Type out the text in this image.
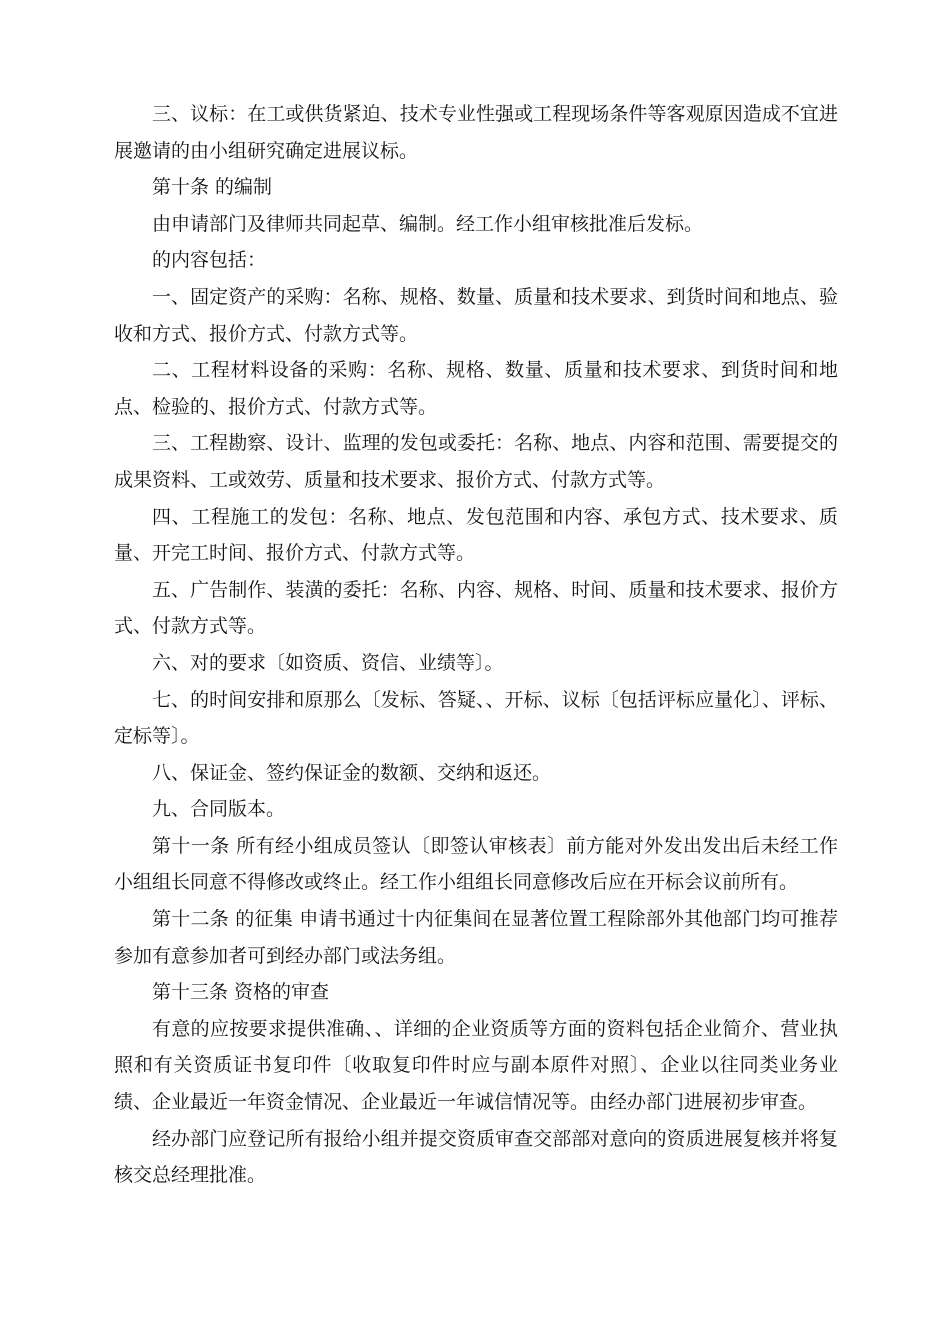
三、议标：在工或供货紧迫、技术专业性强或工程现场条件等客观原因造成不宜进展邀请的由小组研究确定进展议标。

第十条 的编制

由申请部门及律师共同起草、编制。经工作小组审核批准后发标。

的内容包括：

一、固定资产的采购：名称、规格、数量、质量和技术要求、到货时间和地点、验收和方式、报价方式、付款方式等。

二、工程材料设备的采购：名称、规格、数量、质量和技术要求、到货时间和地点、检验的、报价方式、付款方式等。

三、工程勘察、设计、监理的发包或委托：名称、地点、内容和范围、需要提交的成果资料、工或效劳、质量和技术要求、报价方式、付款方式等。

四、工程施工的发包：名称、地点、发包范围和内容、承包方式、技术要求、质量、开完工时间、报价方式、付款方式等。

五、广告制作、装潢的委托：名称、内容、规格、时间、质量和技术要求、报价方式、付款方式等。

六、对的要求〔如资质、资信、业绩等〕。

七、的时间安排和原那么〔发标、答疑、、开标、议标〔包括评标应量化〕、评标、定标等〕。

八、保证金、签约保证金的数额、交纳和返还。

九、合同版本。

第十一条 所有经小组成员签认〔即签认审核表〕前方能对外发出发出后未经工作小组组长同意不得修改或终止。经工作小组组长同意修改后应在开标会议前所有。

第十二条 的征集 申请书通过十内征集间在显著位置工程除部外其他部门均可推荐参加有意参加者可到经办部门或法务组。

第十三条 资格的审查

有意的应按要求提供准确、、详细的企业资质等方面的资料包括企业简介、营业执照和有关资质证书复印件〔收取复印件时应与副本原件对照〕、企业以往同类业务业绩、企业最近一年资金情况、企业最近一年诚信情况等。由经办部门进展初步审查。

经办部门应登记所有报给小组并提交资质审查交部部对意向的资质进展复核并将复核交总经理批准。
